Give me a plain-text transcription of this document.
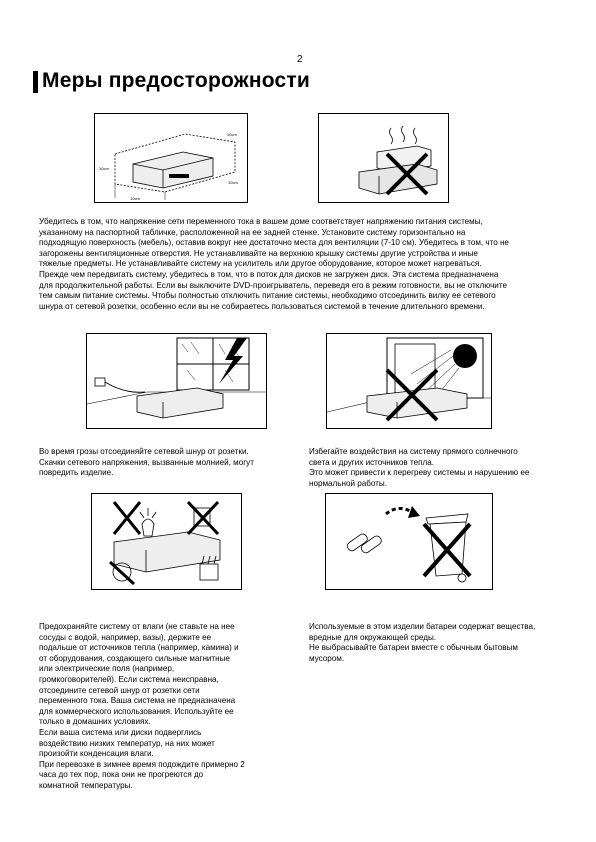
2
Меры предосторожности
10cm
10cm
10cm
10cm
Убедитесь в том, что напряжение сети переменного тока в вашем доме соответствует напряжению питания системы,
указанному на паспортной табличке, расположенной на ее задней стенке. Установите систему горизонтально на
подходящую поверхность (мебель), оставив вокруг нее достаточно места для вентиляции (7-10 см). Убедитесь в том, что не
загорожены вентиляционные отверстия. Не устанавливайте на верхнюю крышку системы другие устройства и иные
тяжелые предметы. Не устанавливайте систему на усилитель или другое оборудование, которое может нагреваться.
Прежде чем передвигать систему, убедитесь в том, что в поток для дисков не загружен диск. Эта система предназначена
для продолжительной работы. Если вы выключите DVD-проигрыватель, переведя его в режим готовности, вы не отключите
тем самым питание системы. Чтобы полностью отключить питание системы, необходимо отсоединить вилку ее сетевого
шнура от сетевой розетки, особенно если вы не собираетесь пользоваться системой в течение длительного времени.
Во время грозы отсоединяйте сетевой шнур от розетки.
Скачки сетевого напряжения, вызванные молнией, могут
повредить изделие.
Избегайте воздействия на систему прямого солнечного
света и других источников тепла.
Это может привести к перегреву системы и нарушению ее
нормальной работы.
Предохраняйте систему от влаги (не ставьте на нее
сосуды с водой, например, вазы), держите ее
подальше от источников тепла (например, камина) и
от оборудования, создающего сильные магнитные
или электрические поля (например,
громкоговорителей). Если система неисправна,
отсоедините сетевой шнур от розетки сети
переменного тока. Ваша система не предназначена
для коммерческого использования. Используйте ее
только в домашних условиях.
Если ваша система или диски подверглись
воздействию низких температур, на них может
произойти конденсация влаги.
При перевозке в зимнее время подождите примерно 2
часа до тех пор, пока они не прогреются до
комнатной температуры.
Используемые в этом изделии батареи содержат вещества,
вредные для окружающей среды.
Не выбрасывайте батареи вместе с обычным бытовым
мусором.
